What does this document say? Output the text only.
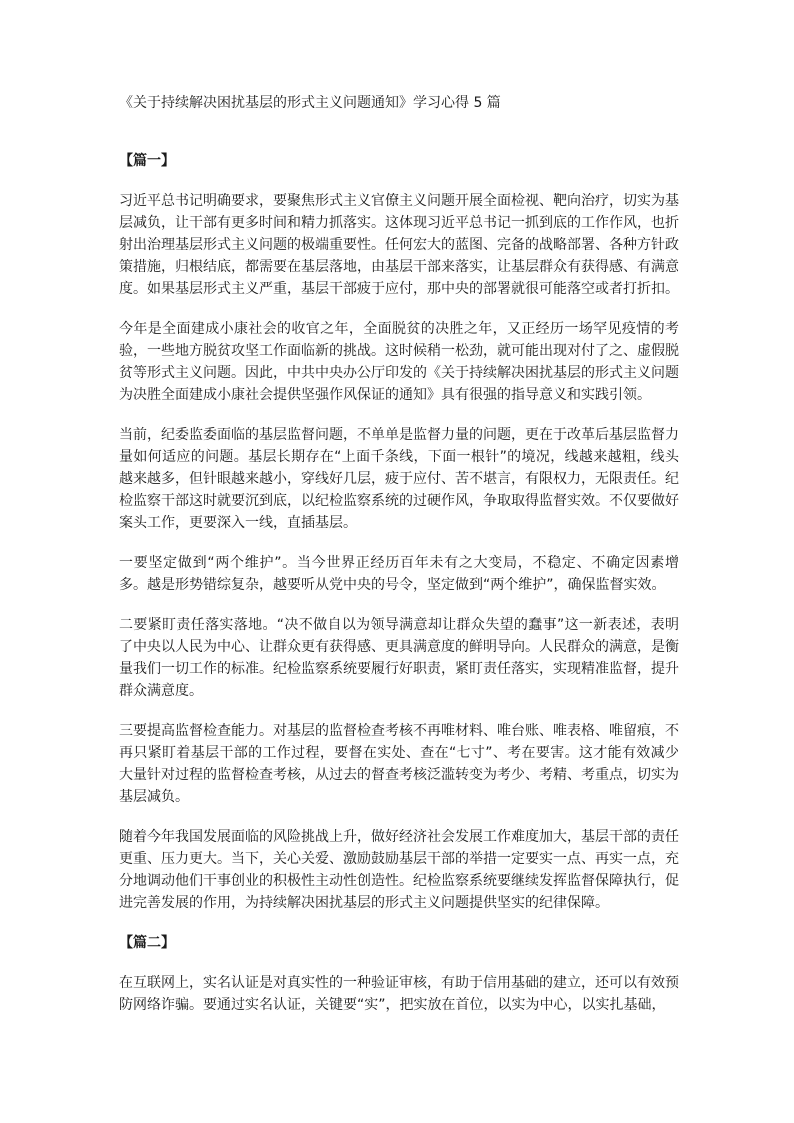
《关于持续解决困扰基层的形式主义问题通知》学习心得 5 篇
【篇一】

习近平总书记明确要求，要聚焦形式主义官僚主义问题开展全面检视、靶向治疗，切实为基层减负，让干部有更多时间和精力抓落实。这体现习近平总书记一抓到底的工作作风，也折射出治理基层形式主义问题的极端重要性。任何宏大的蓝图、完备的战略部署、各种方针政策措施，归根结底，都需要在基层落地，由基层干部来落实，让基层群众有获得感、有满意度。如果基层形式主义严重，基层干部疲于应付，那中央的部署就很可能落空或者打折扣。

今年是全面建成小康社会的收官之年，全面脱贫的决胜之年，又正经历一场罕见疫情的考验，一些地方脱贫攻坚工作面临新的挑战。这时候稍一松劲，就可能出现对付了之、虚假脱贫等形式主义问题。因此，中共中央办公厅印发的《关于持续解决困扰基层的形式主义问题为决胜全面建成小康社会提供坚强作风保证的通知》具有很强的指导意义和实践引领。

当前，纪委监委面临的基层监督问题，不单单是监督力量的问题，更在于改革后基层监督力量如何适应的问题。基层长期存在“上面千条线，下面一根针”的境况，线越来越粗，线头越来越多，但针眼越来越小，穿线好几层，疲于应付、苦不堪言，有限权力，无限责任。纪检监察干部这时就要沉到底，以纪检监察系统的过硬作风，争取取得监督实效。不仅要做好案头工作，更要深入一线，直插基层。

一要坚定做到“两个维护”。当今世界正经历百年未有之大变局，不稳定、不确定因素增多。越是形势错综复杂，越要听从党中央的号令，坚定做到“两个维护”，确保监督实效。

二要紧盯责任落实落地。“决不做自以为领导满意却让群众失望的蠢事”这一新表述，表明了中央以人民为中心、让群众更有获得感、更具满意度的鲜明导向。人民群众的满意，是衡量我们一切工作的标准。纪检监察系统要履行好职责，紧盯责任落实，实现精准监督，提升群众满意度。

三要提高监督检查能力。对基层的监督检查考核不再唯材料、唯台账、唯表格、唯留痕，不再只紧盯着基层干部的工作过程，要督在实处、查在“七寸”、考在要害。这才能有效减少大量针对过程的监督检查考核，从过去的督查考核泛滥转变为考少、考精、考重点，切实为基层减负。

随着今年我国发展面临的风险挑战上升，做好经济社会发展工作难度加大，基层干部的责任更重、压力更大。当下，关心关爱、激励鼓励基层干部的举措一定要实一点、再实一点，充分地调动他们干事创业的积极性主动性创造性。纪检监察系统要继续发挥监督保障执行，促进完善发展的作用，为持续解决困扰基层的形式主义问题提供坚实的纪律保障。

【篇二】

在互联网上，实名认证是对真实性的一种验证审核，有助于信用基础的建立，还可以有效预防网络诈骗。要通过实名认证，关键要“实”，把实放在首位，以实为中心，以实扎基础，
